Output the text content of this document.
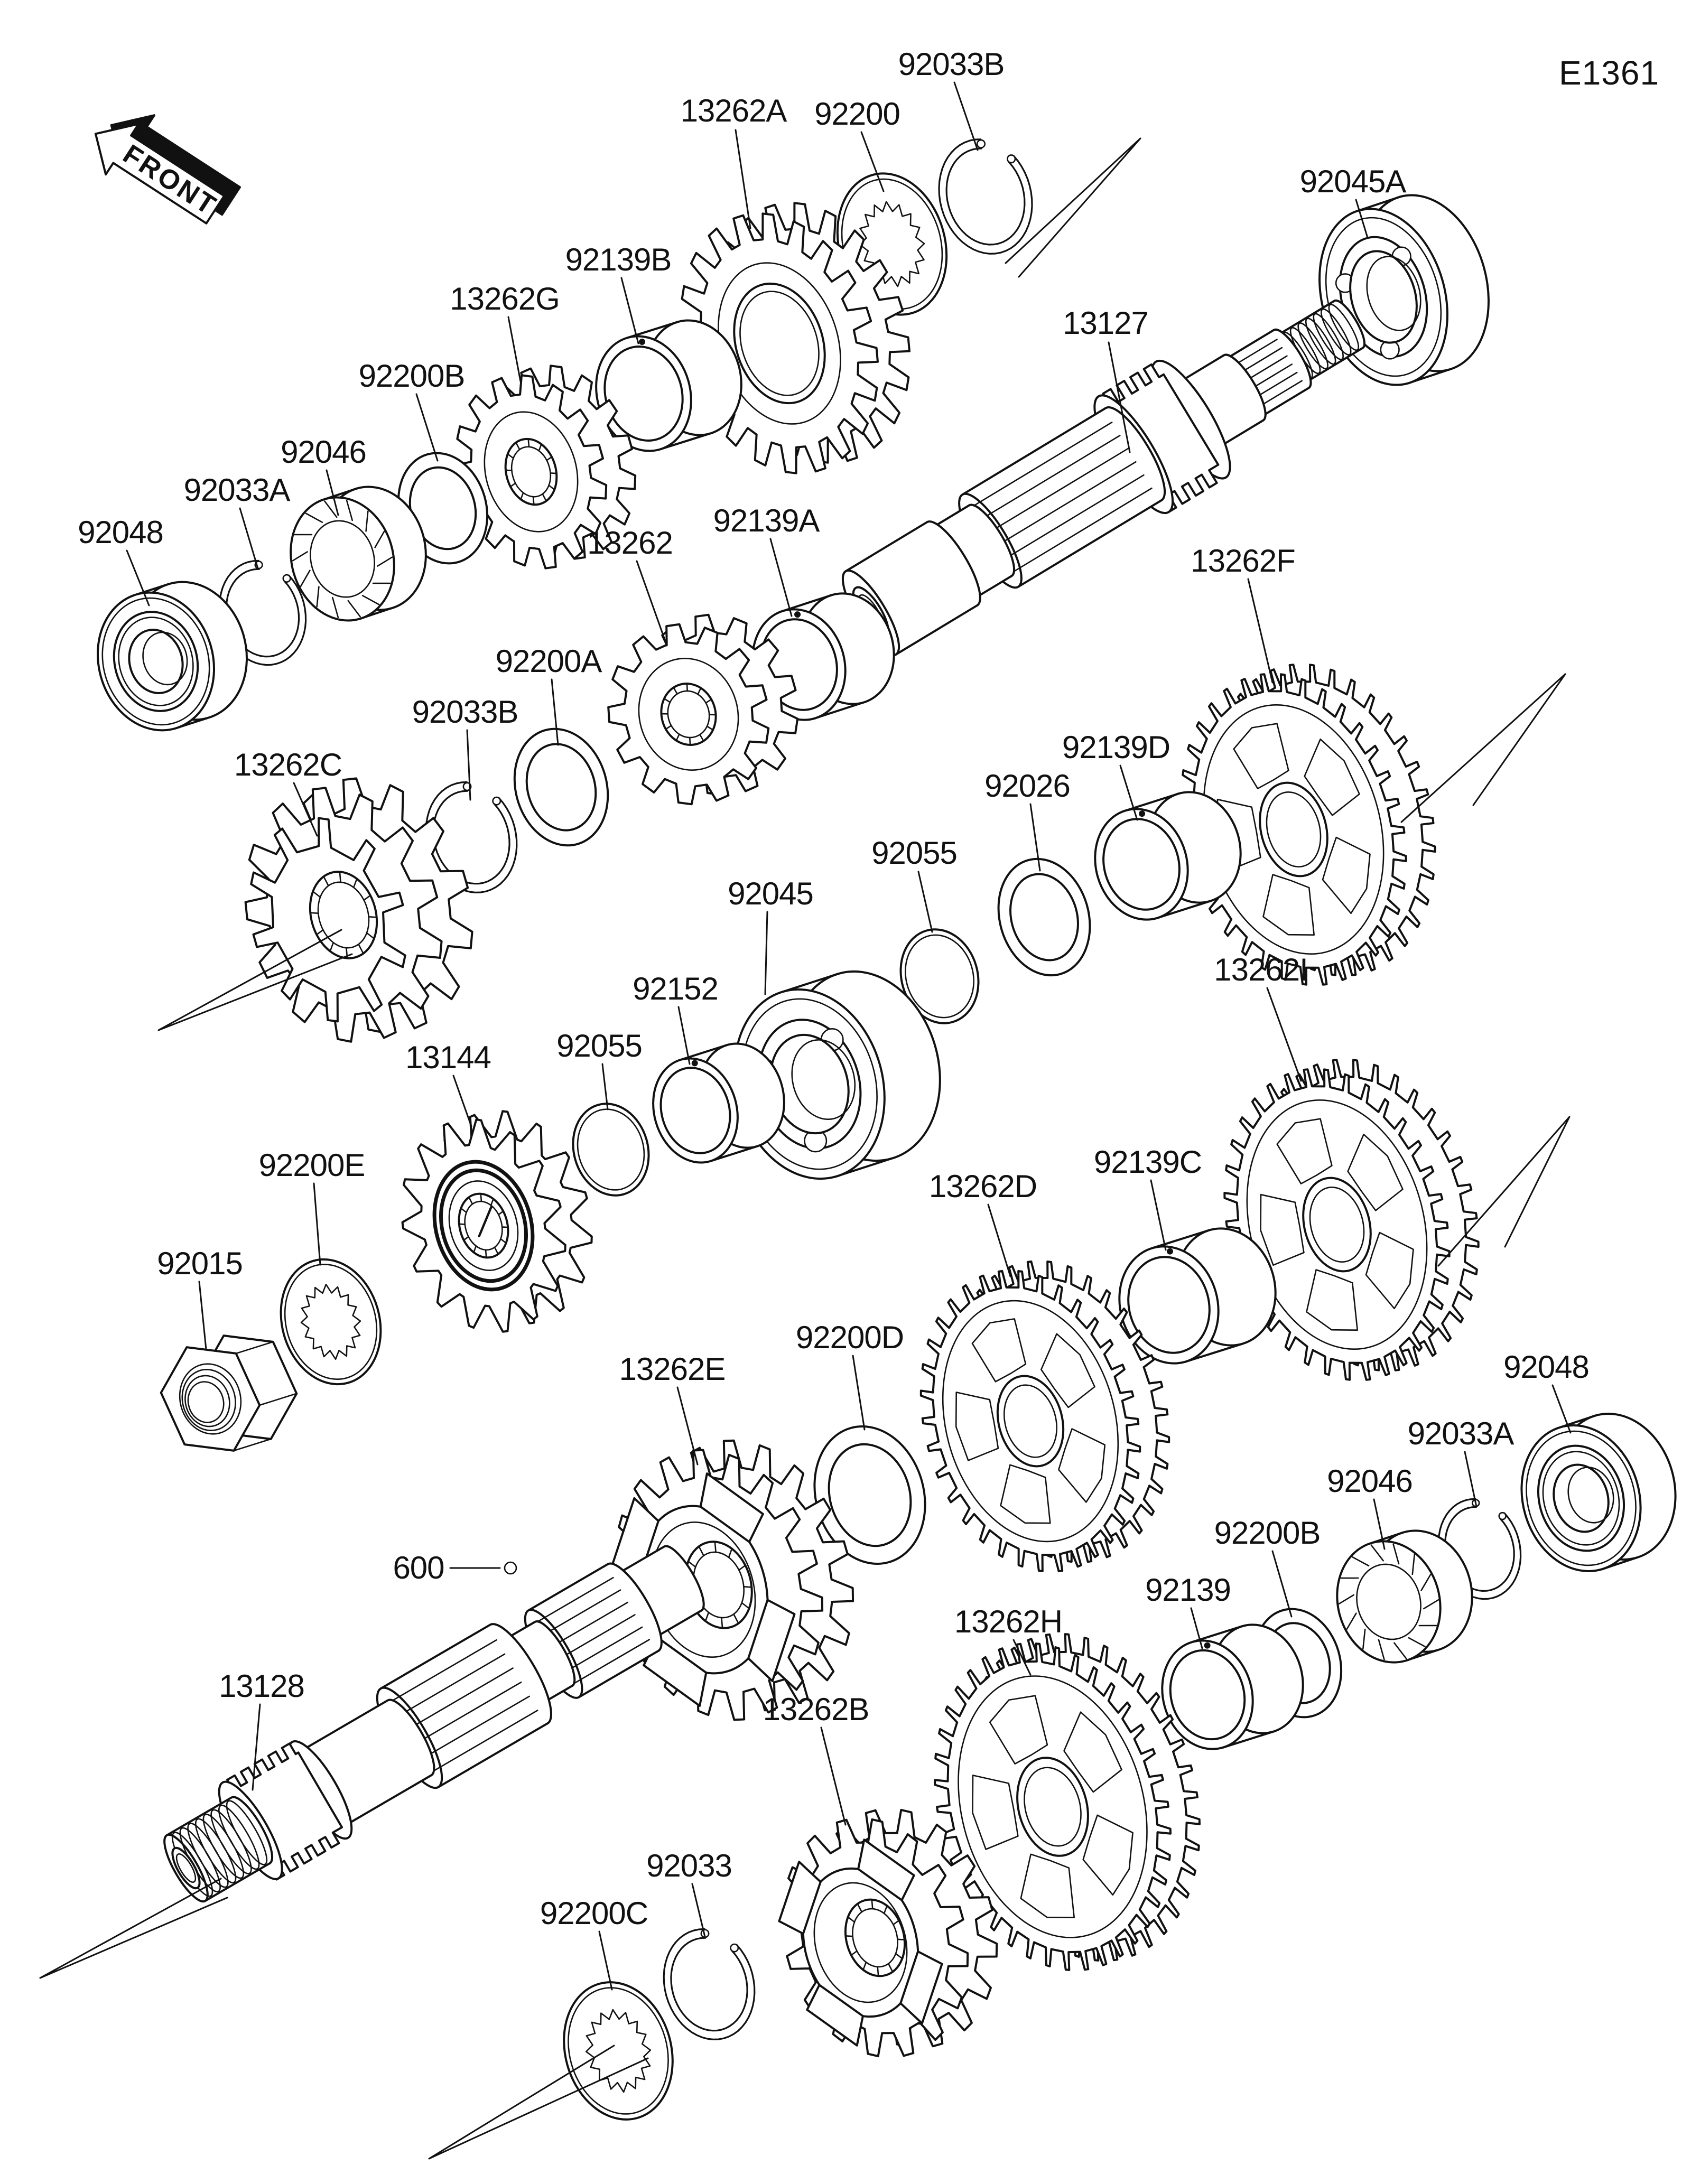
E1361
FRONT
600
92045A
13127
92033B
92200
13262A
92139B
13262G
92200B
92046
92033A
92048
13262F
92139D
92026
92055
13262I
92139C
92139A
13262
92200A
92033B
13262C
92045
92152
92055
13144
92200E
92015
13262D
92200D
13262E
13128
92048
92033A
92046
92200B
92139
13262H
13262B
92033
92200C
